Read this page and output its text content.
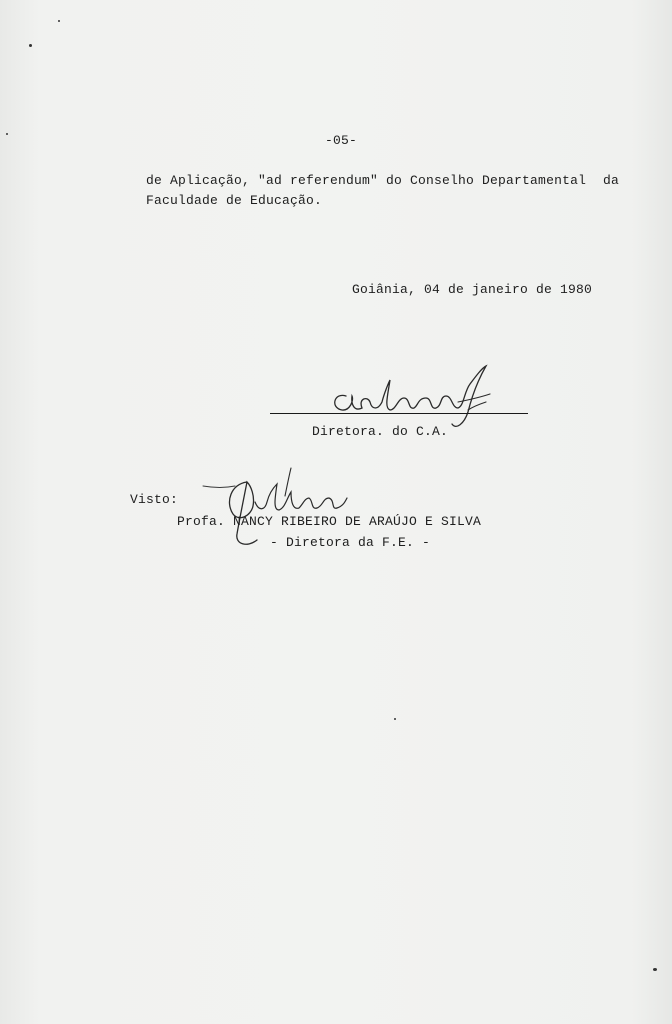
-05-
de Aplicação, "ad referendum" do Conselho Departamental da
Faculdade de Educação.
Goiânia, 04 de janeiro de 1980
Diretora. do C.A.
Visto:
Profa. NANCY RIBEIRO DE ARAÚJO E SILVA
- Diretora da F.E. -
